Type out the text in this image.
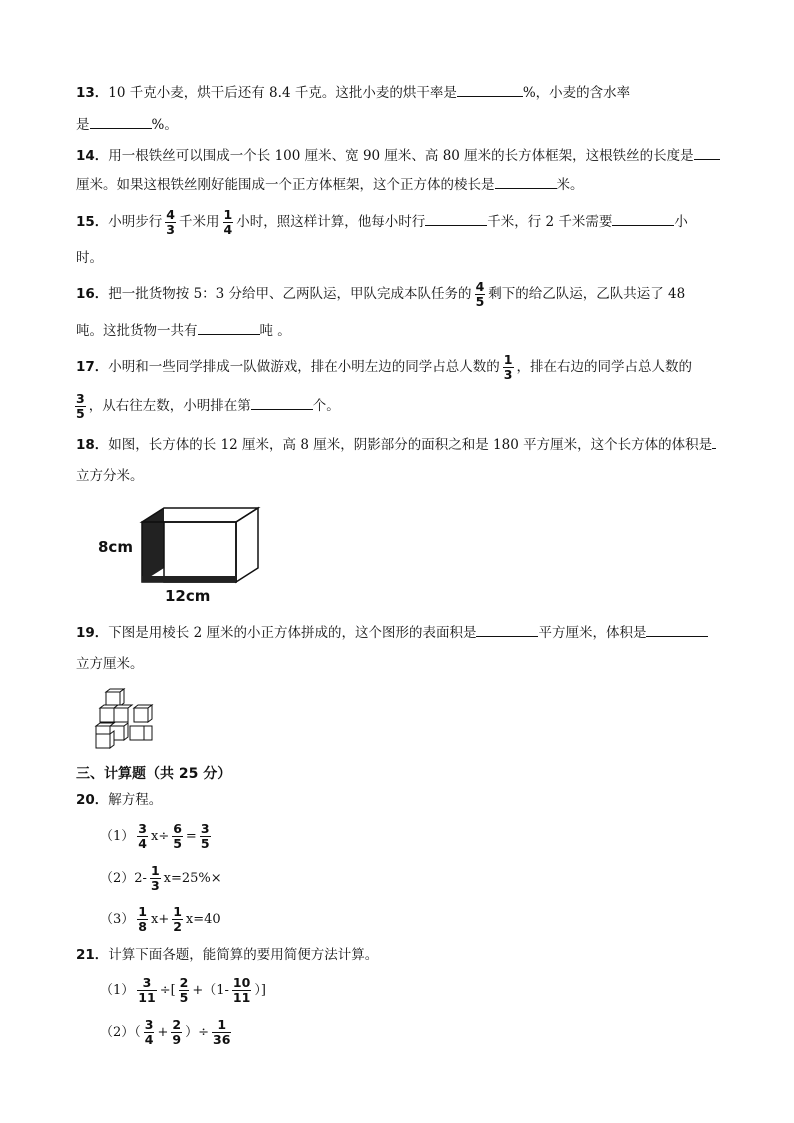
13．10 千克小麦，烘干后还有 8.4 千克。这批小麦的烘干率是	%，小麦的含水率
是	%。
14．用一根铁丝可以围成一个长 100 厘米、宽 90 厘米、高 80 厘米的长方体框架，这根铁丝的长度是
厘米。如果这根铁丝刚好能围成一个正方体框架，这个正方体的棱长是	米。
15．小明步行 $\frac{4}{3}$ 千米用 $\frac{1}{4}$ 小时，照这样计算，他每小时行	千米，行 2 千米需要	小
时。
16．把一批货物按 5：3 分给甲、乙两队运，甲队完成本队任务的 $\frac{4}{5}$ 剩下的给乙队运，乙队共运了 48
吨。这批货物一共有	吨 。
17．小明和一些同学排成一队做游戏，排在小明左边的同学占总人数的 $\frac{1}{3}$ ，排在右边的同学占总人数的
$\frac{3}{5}$ ，从右往左数，小明排在第	个。
18．如图，长方体的长 12 厘米，高 8 厘米，阴影部分的面积之和是 180 平方厘米，这个长方体的体积是
立方分米。
8cm
12cm
19．下图是用棱长 2 厘米的小正方体拼成的，这个图形的表面积是	平方厘米，体积是
立方厘米。
三、计算题（共 25 分）
20．解方程。
$(1) \frac{3}{4} x\div \frac{6}{5} = \frac{3}{5}$
$(2)2- \frac{1}{3} x=25\%\times$
$(3) \frac{1}{8} x+ \frac{1}{2} x=40$
21．计算下面各题，能简算的要用简便方法计算。
$(1) \frac{3}{11}$ ÷[ $\frac{2}{5} +(1- \frac{10}{11}$ ）]
$(2)( \frac{3}{4} + \frac{2}{9}$ ）÷ $\frac{1}{36}$
